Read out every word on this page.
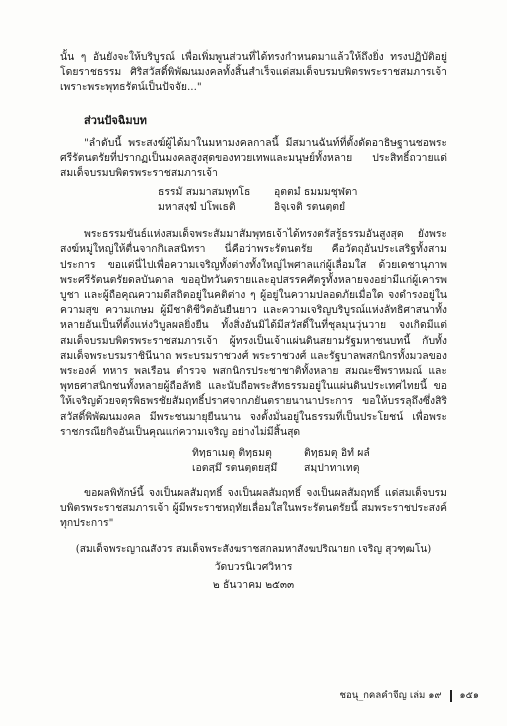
นั้น ๆ อันยังจะให้บริบูรณ์ เพื่อเพิ่มพูนส่วนที่ได้ทรงกำหนดมาแล้วให้ถึงยิ่ง ทรงปฏิบัติอยู่โดยราชธรรม ศิริสวัสดิ์พิพัฒนมงคลทั้งสิ้นสำเร็จแด่สมเด็จบรมบพิตรพระราชสมภารเจ้า เพราะพระพุทธรัตน์เป็นปัจจัย..."

ส่วนปัจฉิมบท

"ลำดับนี้ พระสงฆ์ผู้ได้มาในมหามงคลกาลนี้ มีสมานฉันท์ที่ตั้งดัดอาธิษฐานชอพระศรีรัตนตรัยที่ปรากฏเป็นมงคลสูงสุดของทวยเทพและมนุษย์ทั้งหลาย ประสิทธิ์ถวายแด่สมเด็จบรมบพิตรพระราชสมภารเจ้า

ธรรมั สมมาสมพุทโธ	อุตตมํ ธมมมชุฬตา
มหาสงฺฆํ ปโพเธติ	อิจฺเจติ รตนตฺตยํ

พระธรรมขันธ์แห่งสมเด็จพระสัมมาสัมพุทธเจ้าได้ทรงตรัสรู้ธรรมอันสูงสุด ยังพระสงฆ์หมู่ใหญ่ให้ตื่นจากกิเลสนิทรา นี่คือว่าพระรัตนตรัย คือวัตถุอันประเสริฐทั้งสามประการ ขอแต่นี่ไปเพื่อความเจริญทั้งต่างทั้งใหญ่ไพศาลแก่ผู้เลื่อมใส ด้วยเดชานุภาพพระศรีรัตนตรัยดลบันดาล ขออุปัทวันตรายและอุปสรรคศัตรูทั้งหลายจงอย่ามีแก่ผู้เคารพบูชา และผู้ถือคุณความดีสถิตอยู่ในคติต่าง ๆ ผู้อยู่ในความปลอดภัยเมื่อใด จงดำรงอยู่ในความสุข ความเกษม ผู้มีชาติชีวิตอันยืนยาว และความเจริญบริบูรณ์แห่งลัทธิศาสนาทั้งหลายอันเป็นที่ตั้งแห่งวิบูลผลยิ่งยืน ทั้งสิ่งอันมิได้มีสวัสดิ์ในที่ชุลมุนวุ่นวาย จงเกิดมีแต่สมเด็จบรมบพิตรพระราชสมภารเจ้า ผู้ทรงเป็นเจ้าแผ่นดินสยามรัฐมหาชนบทนี้ กับทั้งสมเด็จพระบรมราชินีนาถ พระบรมราชวงศ์ พระราชวงศ์ และรัฐบาลพสกนิกรทั้งมวลของพระองค์ ทหาร พลเรือน ตำรวจ พสกนิกรประชาชาติทั้งหลาย สมณะชีพราหมณ์ และพุทธศาสนิกชนทั้งหลายผู้ถือลัทธิ และนับถือพระสัทธรรมอยู่ในแผ่นดินประเทศไทยนี้ ขอให้เจริญด้วยจตุรพิธพรชัยสัมฤทธิ์ปราศจากภยันตรายนานาประการ ขอให้บรรลุถึงซึ่งสิริสวัสดิ์พิพัฒนมงคล มีพระชนมายุยืนนาน จงตั้งมั่นอยู่ในธรรมที่เป็นประโยชน์ เพื่อพระราชกรณียกิจอันเป็นคุณแก่ความเจริญ อย่างไม่มีสิ้นสุด

ทิทฺธาเมตุ ติทฺธมตุ	ติทฺธมตุ อิทํ ผลํ
เอตสฺมึ รตนตฺตยสฺมึ	สมฺปาทาเทตุ

ขอผลพิทักษ์นี้ จงเป็นผลสัมฤทธิ์ จงเป็นผลสัมฤทธิ์ จงเป็นผลสัมฤทธิ์ แด่สมเด็จบรมบพิตรพระราชสมภารเจ้า ผู้มีพระราชหฤทัยเลื่อมใสในพระรัตนตรัยนี้ สมพระราชประสงค์ทุกประการ"

(สมเด็จพระญาณสังวร สมเด็จพระสังฆราชสกลมหาสังฆปริณายก เจริญ สุวฑฺฒโน)
วัดบวรนิเวศวิหาร
๒ ธันวาคม ๒๕๓๓
ชอนุ_กคลคำจีญ เล่ม ๑๙ ๑๕๑
